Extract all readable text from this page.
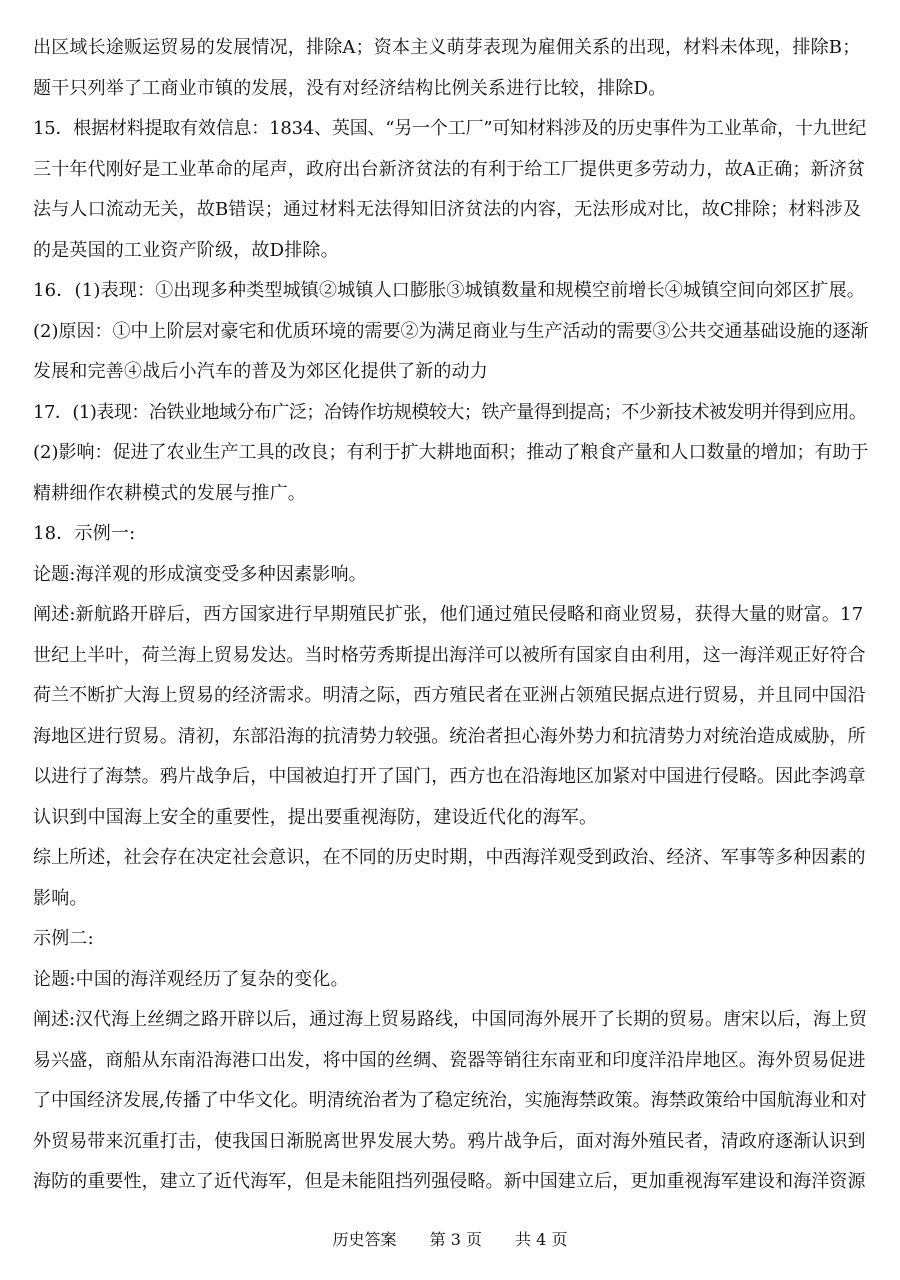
出区域长途贩运贸易的发展情况，排除A；资本主义萌芽表现为雇佣关系的出现，材料未体现，排除B；
题干只列举了工商业市镇的发展，没有对经济结构比例关系进行比较，排除D。
15．根据材料提取有效信息：1834、英国、“另一个工厂”可知材料涉及的历史事件为工业革命，十九世纪
三十年代刚好是工业革命的尾声，政府出台新济贫法的有利于给工厂提供更多劳动力，故A正确；新济贫
法与人口流动无关，故B错误；通过材料无法得知旧济贫法的内容，无法形成对比，故C排除；材料涉及
的是英国的工业资产阶级，故D排除。
16．(1)表现：①出现多种类型城镇②城镇人口膨胀③城镇数量和规模空前增长④城镇空间向郊区扩展。
(2)原因：①中上阶层对豪宅和优质环境的需要②为满足商业与生产活动的需要③公共交通基础设施的逐渐
发展和完善④战后小汽车的普及为郊区化提供了新的动力
17．(1)表现：冶铁业地域分布广泛；冶铸作坊规模较大；铁产量得到提高；不少新技术被发明并得到应用。
(2)影响：促进了农业生产工具的改良；有利于扩大耕地面积；推动了粮食产量和人口数量的增加；有助于
精耕细作农耕模式的发展与推广。
18．示例一:
论题:海洋观的形成演变受多种因素影响。
阐述:新航路开辟后，西方国家进行早期殖民扩张，他们通过殖民侵略和商业贸易，获得大量的财富。17
世纪上半叶，荷兰海上贸易发达。当时格劳秀斯提出海洋可以被所有国家自由利用，这一海洋观正好符合
荷兰不断扩大海上贸易的经济需求。明清之际，西方殖民者在亚洲占领殖民据点进行贸易，并且同中国沿
海地区进行贸易。清初，东部沿海的抗清势力较强。统治者担心海外势力和抗清势力对统治造成威胁，所
以进行了海禁。鸦片战争后，中国被迫打开了国门，西方也在沿海地区加紧对中国进行侵略。因此李鸿章
认识到中国海上安全的重要性，提出要重视海防，建设近代化的海军。
综上所述，社会存在决定社会意识，在不同的历史时期，中西海洋观受到政治、经济、军事等多种因素的
影响。
示例二:
论题:中国的海洋观经历了复杂的变化。
阐述:汉代海上丝绸之路开辟以后，通过海上贸易路线，中国同海外展开了长期的贸易。唐宋以后，海上贸
易兴盛，商船从东南沿海港口出发，将中国的丝绸、瓷器等销往东南亚和印度洋沿岸地区。海外贸易促进
了中国经济发展,传播了中华文化。明清统治者为了稳定统治，实施海禁政策。海禁政策给中国航海业和对
外贸易带来沉重打击，使我国日渐脱离世界发展大势。鸦片战争后，面对海外殖民者，清政府逐渐认识到
海防的重要性，建立了近代海军，但是未能阻挡列强侵略。新中国建立后，更加重视海军建设和海洋资源
历史答案 第 3 页 共 4 页
